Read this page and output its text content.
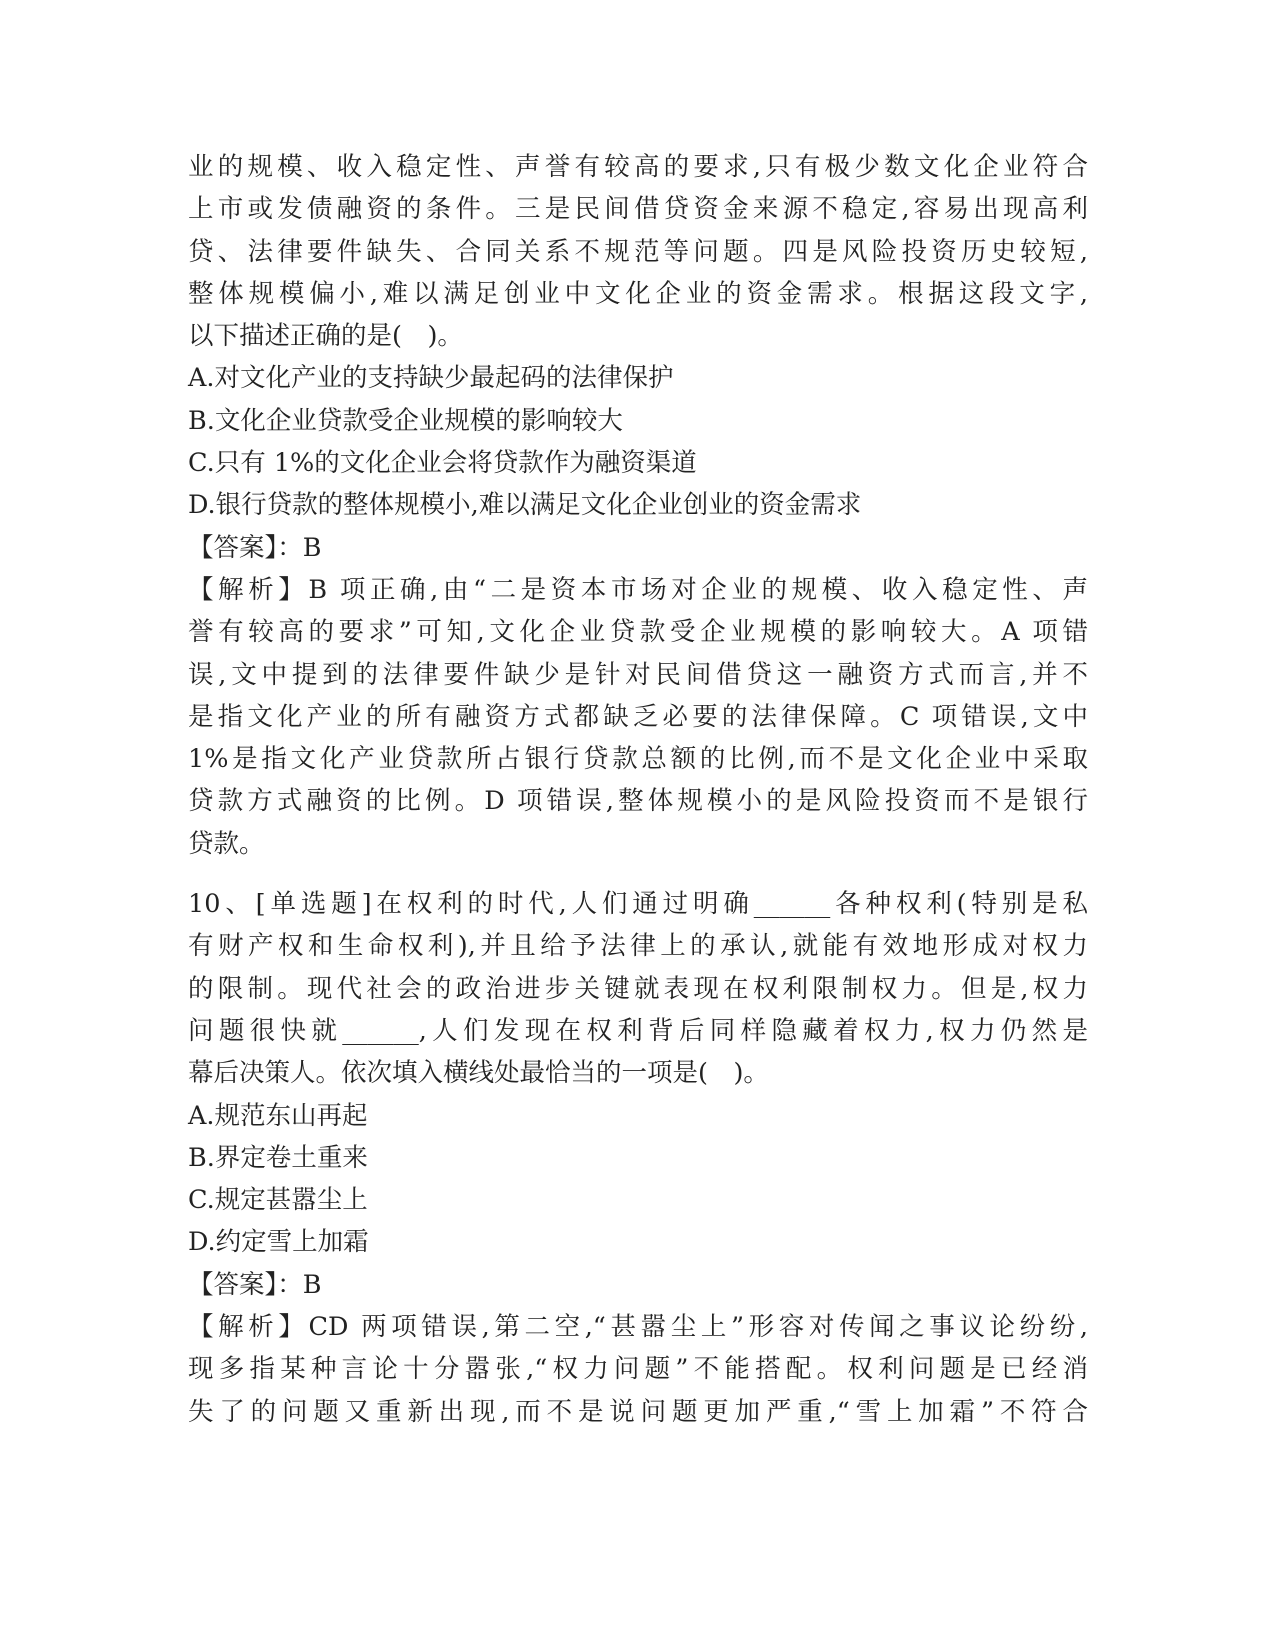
业的规模、收入稳定性、声誉有较高的要求,只有极少数文化企业符合

上市或发债融资的条件。三是民间借贷资金来源不稳定,容易出现高利

贷、法律要件缺失、合同关系不规范等问题。四是风险投资历史较短,

整体规模偏小,难以满足创业中文化企业的资金需求。根据这段文字,

以下描述正确的是(　)。

A.对文化产业的支持缺少最起码的法律保护

B.文化企业贷款受企业规模的影响较大

C.只有 1%的文化企业会将贷款作为融资渠道

D.银行贷款的整体规模小,难以满足文化企业创业的资金需求

【答案】：B

【解析】B 项正确,由“二是资本市场对企业的规模、收入稳定性、声

誉有较高的要求”可知,文化企业贷款受企业规模的影响较大。A 项错

误,文中提到的法律要件缺少是针对民间借贷这一融资方式而言,并不

是指文化产业的所有融资方式都缺乏必要的法律保障。C 项错误,文中

1%是指文化产业贷款所占银行贷款总额的比例,而不是文化企业中采取

贷款方式融资的比例。D 项错误,整体规模小的是风险投资而不是银行

贷款。

10、[单选题]在权利的时代,人们通过明确______各种权利(特别是私

有财产权和生命权利),并且给予法律上的承认,就能有效地形成对权力

的限制。现代社会的政治进步关键就表现在权利限制权力。但是,权力

问题很快就______,人们发现在权利背后同样隐藏着权力,权力仍然是

幕后决策人。依次填入横线处最恰当的一项是(　)。

A.规范东山再起

B.界定卷土重来

C.规定甚嚣尘上

D.约定雪上加霜

【答案】：B

【解析】CD 两项错误,第二空,“甚嚣尘上”形容对传闻之事议论纷纷,

现多指某种言论十分嚣张,“权力问题”不能搭配。权利问题是已经消

失了的问题又重新出现,而不是说问题更加严重,“雪上加霜”不符合
